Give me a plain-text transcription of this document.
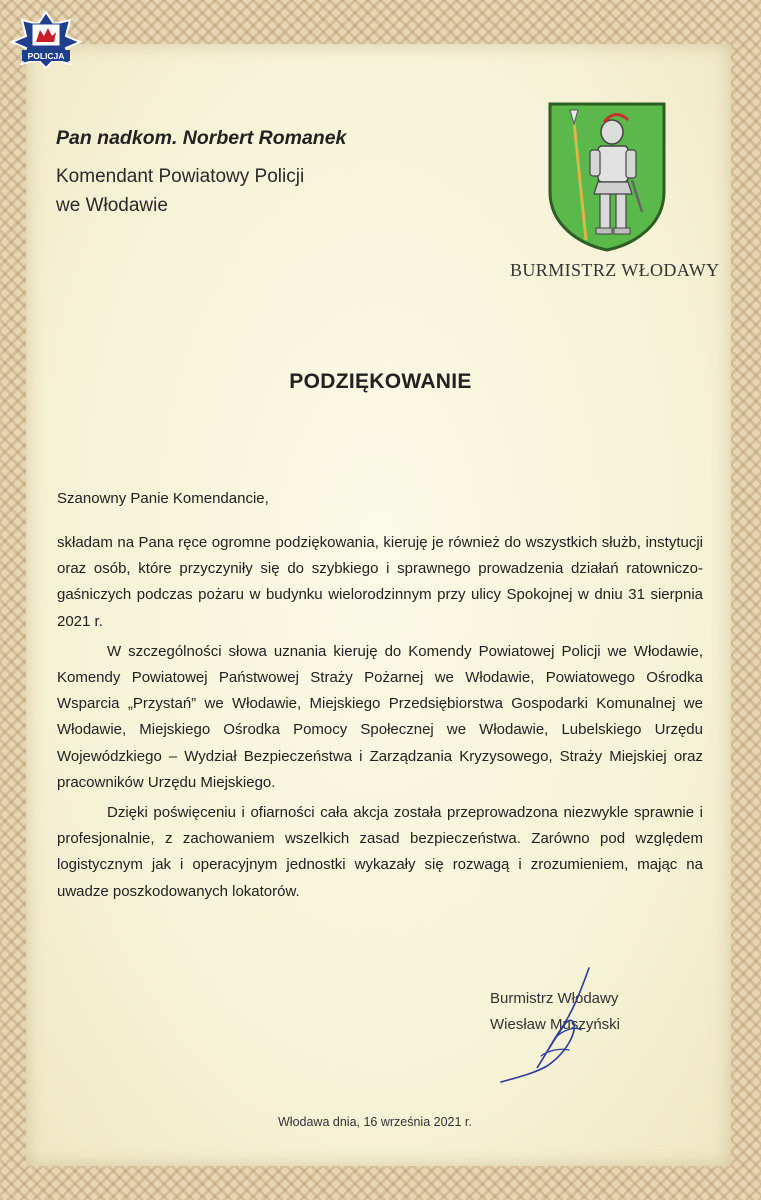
POLICJA
Pan nadkom. Norbert Romanek
Komendant Powiatowy Policji
we Włodawie
BURMISTRZ WŁODAWY
PODZIĘKOWANIE
Szanowny Panie Komendancie,

składam na Pana ręce ogromne podziękowania, kieruję je również do wszystkich służb, instytucji oraz osób, które przyczyniły się do szybkiego i sprawnego prowadzenia działań ratowniczo-gaśniczych podczas pożaru w budynku wielorodzinnym przy ulicy Spokojnej w dniu 31 sierpnia 2021 r.

W szczególności słowa uznania kieruję do Komendy Powiatowej Policji we Włodawie, Komendy Powiatowej Państwowej Straży Pożarnej we Włodawie, Powiatowego Ośrodka Wsparcia „Przystań” we Włodawie, Miejskiego Przedsiębiorstwa Gospodarki Komunalnej we Włodawie, Miejskiego Ośrodka Pomocy Społecznej we Włodawie, Lubelskiego Urzędu Wojewódzkiego – Wydział Bezpieczeństwa i Zarządzania Kryzysowego, Straży Miejskiej oraz pracowników Urzędu Miejskiego.

Dzięki poświęceniu i ofiarności cała akcja została przeprowadzona niezwykle sprawnie i profesjonalnie, z zachowaniem wszelkich zasad bezpieczeństwa. Zarówno pod względem logistycznym jak i operacyjnym jednostki wykazały się rozwagą i zrozumieniem, mając na uwadze poszkodowanych lokatorów.

Burmistrz Włodawy
Wiesław Muszyński
Włodawa dnia, 16 września 2021 r.
